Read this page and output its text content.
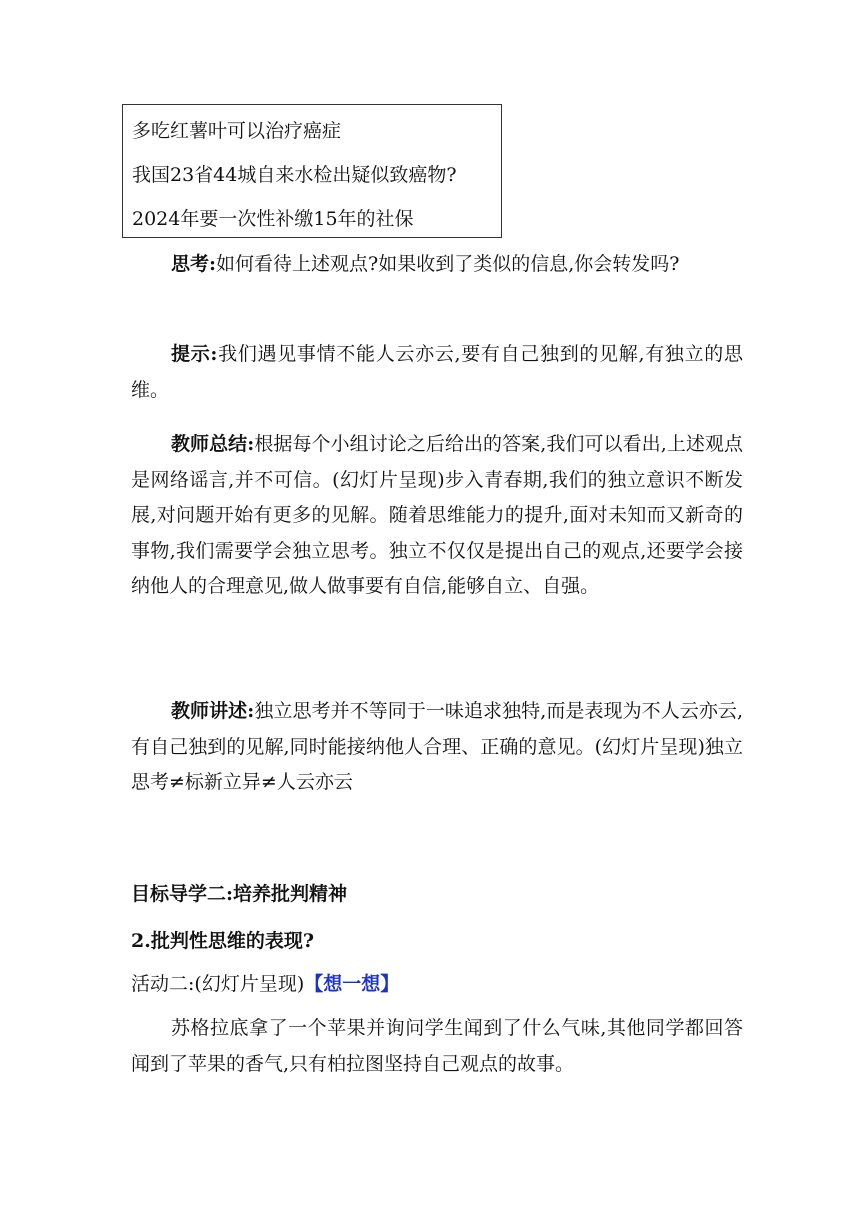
多吃红薯叶可以治疗癌症
我国23省44城自来水检出疑似致癌物?
2024年要一次性补缴15年的社保
思考:如何看待上述观点?如果收到了类似的信息,你会转发吗?
提示:我们遇见事情不能人云亦云,要有自己独到的见解,有独立的思维。
教师总结:根据每个小组讨论之后给出的答案,我们可以看出,上述观点是网络谣言,并不可信。(幻灯片呈现)步入青春期,我们的独立意识不断发展,对问题开始有更多的见解。随着思维能力的提升,面对未知而又新奇的事物,我们需要学会独立思考。独立不仅仅是提出自己的观点,还要学会接纳他人的合理意见,做人做事要有自信,能够自立、自强。
教师讲述:独立思考并不等同于一味追求独特,而是表现为不人云亦云,有自己独到的见解,同时能接纳他人合理、正确的意见。(幻灯片呈现)独立思考≠标新立异≠人云亦云
目标导学二:培养批判精神
2.批判性思维的表现?
活动二:(幻灯片呈现)【想一想】
苏格拉底拿了一个苹果并询问学生闻到了什么气味,其他同学都回答闻到了苹果的香气,只有柏拉图坚持自己观点的故事。
